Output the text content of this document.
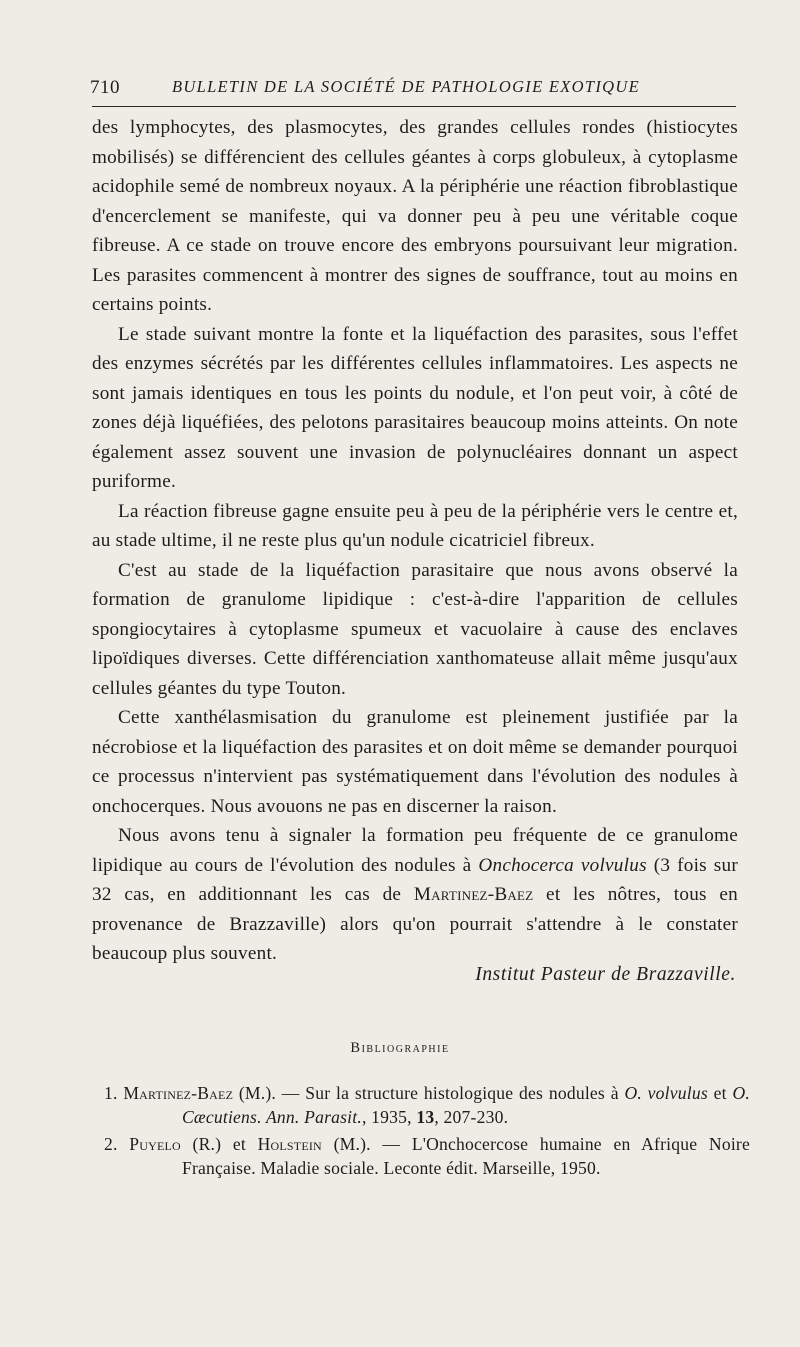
710	BULLETIN DE LA SOCIÉTÉ DE PATHOLOGIE EXOTIQUE

des lymphocytes, des plasmocytes, des grandes cellules rondes (histiocytes mobilisés) se différencient des cellules géantes à corps globuleux, à cytoplasme acidophile semé de nombreux noyaux. A la périphérie une réaction fibroblastique d'encerclement se manifeste, qui va donner peu à peu une véritable coque fibreuse. A ce stade on trouve encore des embryons poursuivant leur migration. Les parasites commencent à montrer des signes de souffrance, tout au moins en certains points.

Le stade suivant montre la fonte et la liquéfaction des parasites, sous l'effet des enzymes sécrétés par les différentes cellules inflammatoires. Les aspects ne sont jamais identiques en tous les points du nodule, et l'on peut voir, à côté de zones déjà liquéfiées, des pelotons parasitaires beaucoup moins atteints. On note également assez souvent une invasion de polynucléaires donnant un aspect puriforme.

La réaction fibreuse gagne ensuite peu à peu de la périphérie vers le centre et, au stade ultime, il ne reste plus qu'un nodule cicatriciel fibreux.

C'est au stade de la liquéfaction parasitaire que nous avons observé la formation de granulome lipidique : c'est-à-dire l'apparition de cellules spongiocytaires à cytoplasme spumeux et vacuolaire à cause des enclaves lipoïdiques diverses. Cette différenciation xanthomateuse allait même jusqu'aux cellules géantes du type Touton.

Cette xanthélasmisation du granulome est pleinement justifiée par la nécrobiose et la liquéfaction des parasites et on doit même se demander pourquoi ce processus n'intervient pas systématiquement dans l'évolution des nodules à onchocerques. Nous avouons ne pas en discerner la raison.

Nous avons tenu à signaler la formation peu fréquente de ce granulome lipidique au cours de l'évolution des nodules à Onchocerca volvulus (3 fois sur 32 cas, en additionnant les cas de Martinez-Baez et les nôtres, tous en provenance de Brazzaville) alors qu'on pourrait s'attendre à le constater beaucoup plus souvent.

Institut Pasteur de Brazzaville.
Bibliographie

1. Martinez-Baez (M.). — Sur la structure histologique des nodules à O. volvulus et O. Cæcutiens. Ann. Parasit., 1935, 13, 207-230.

2. Puyelo (R.) et Holstein (M.). — L'Onchocercose humaine en Afrique Noire Française. Maladie sociale. Leconte édit. Marseille, 1950.
